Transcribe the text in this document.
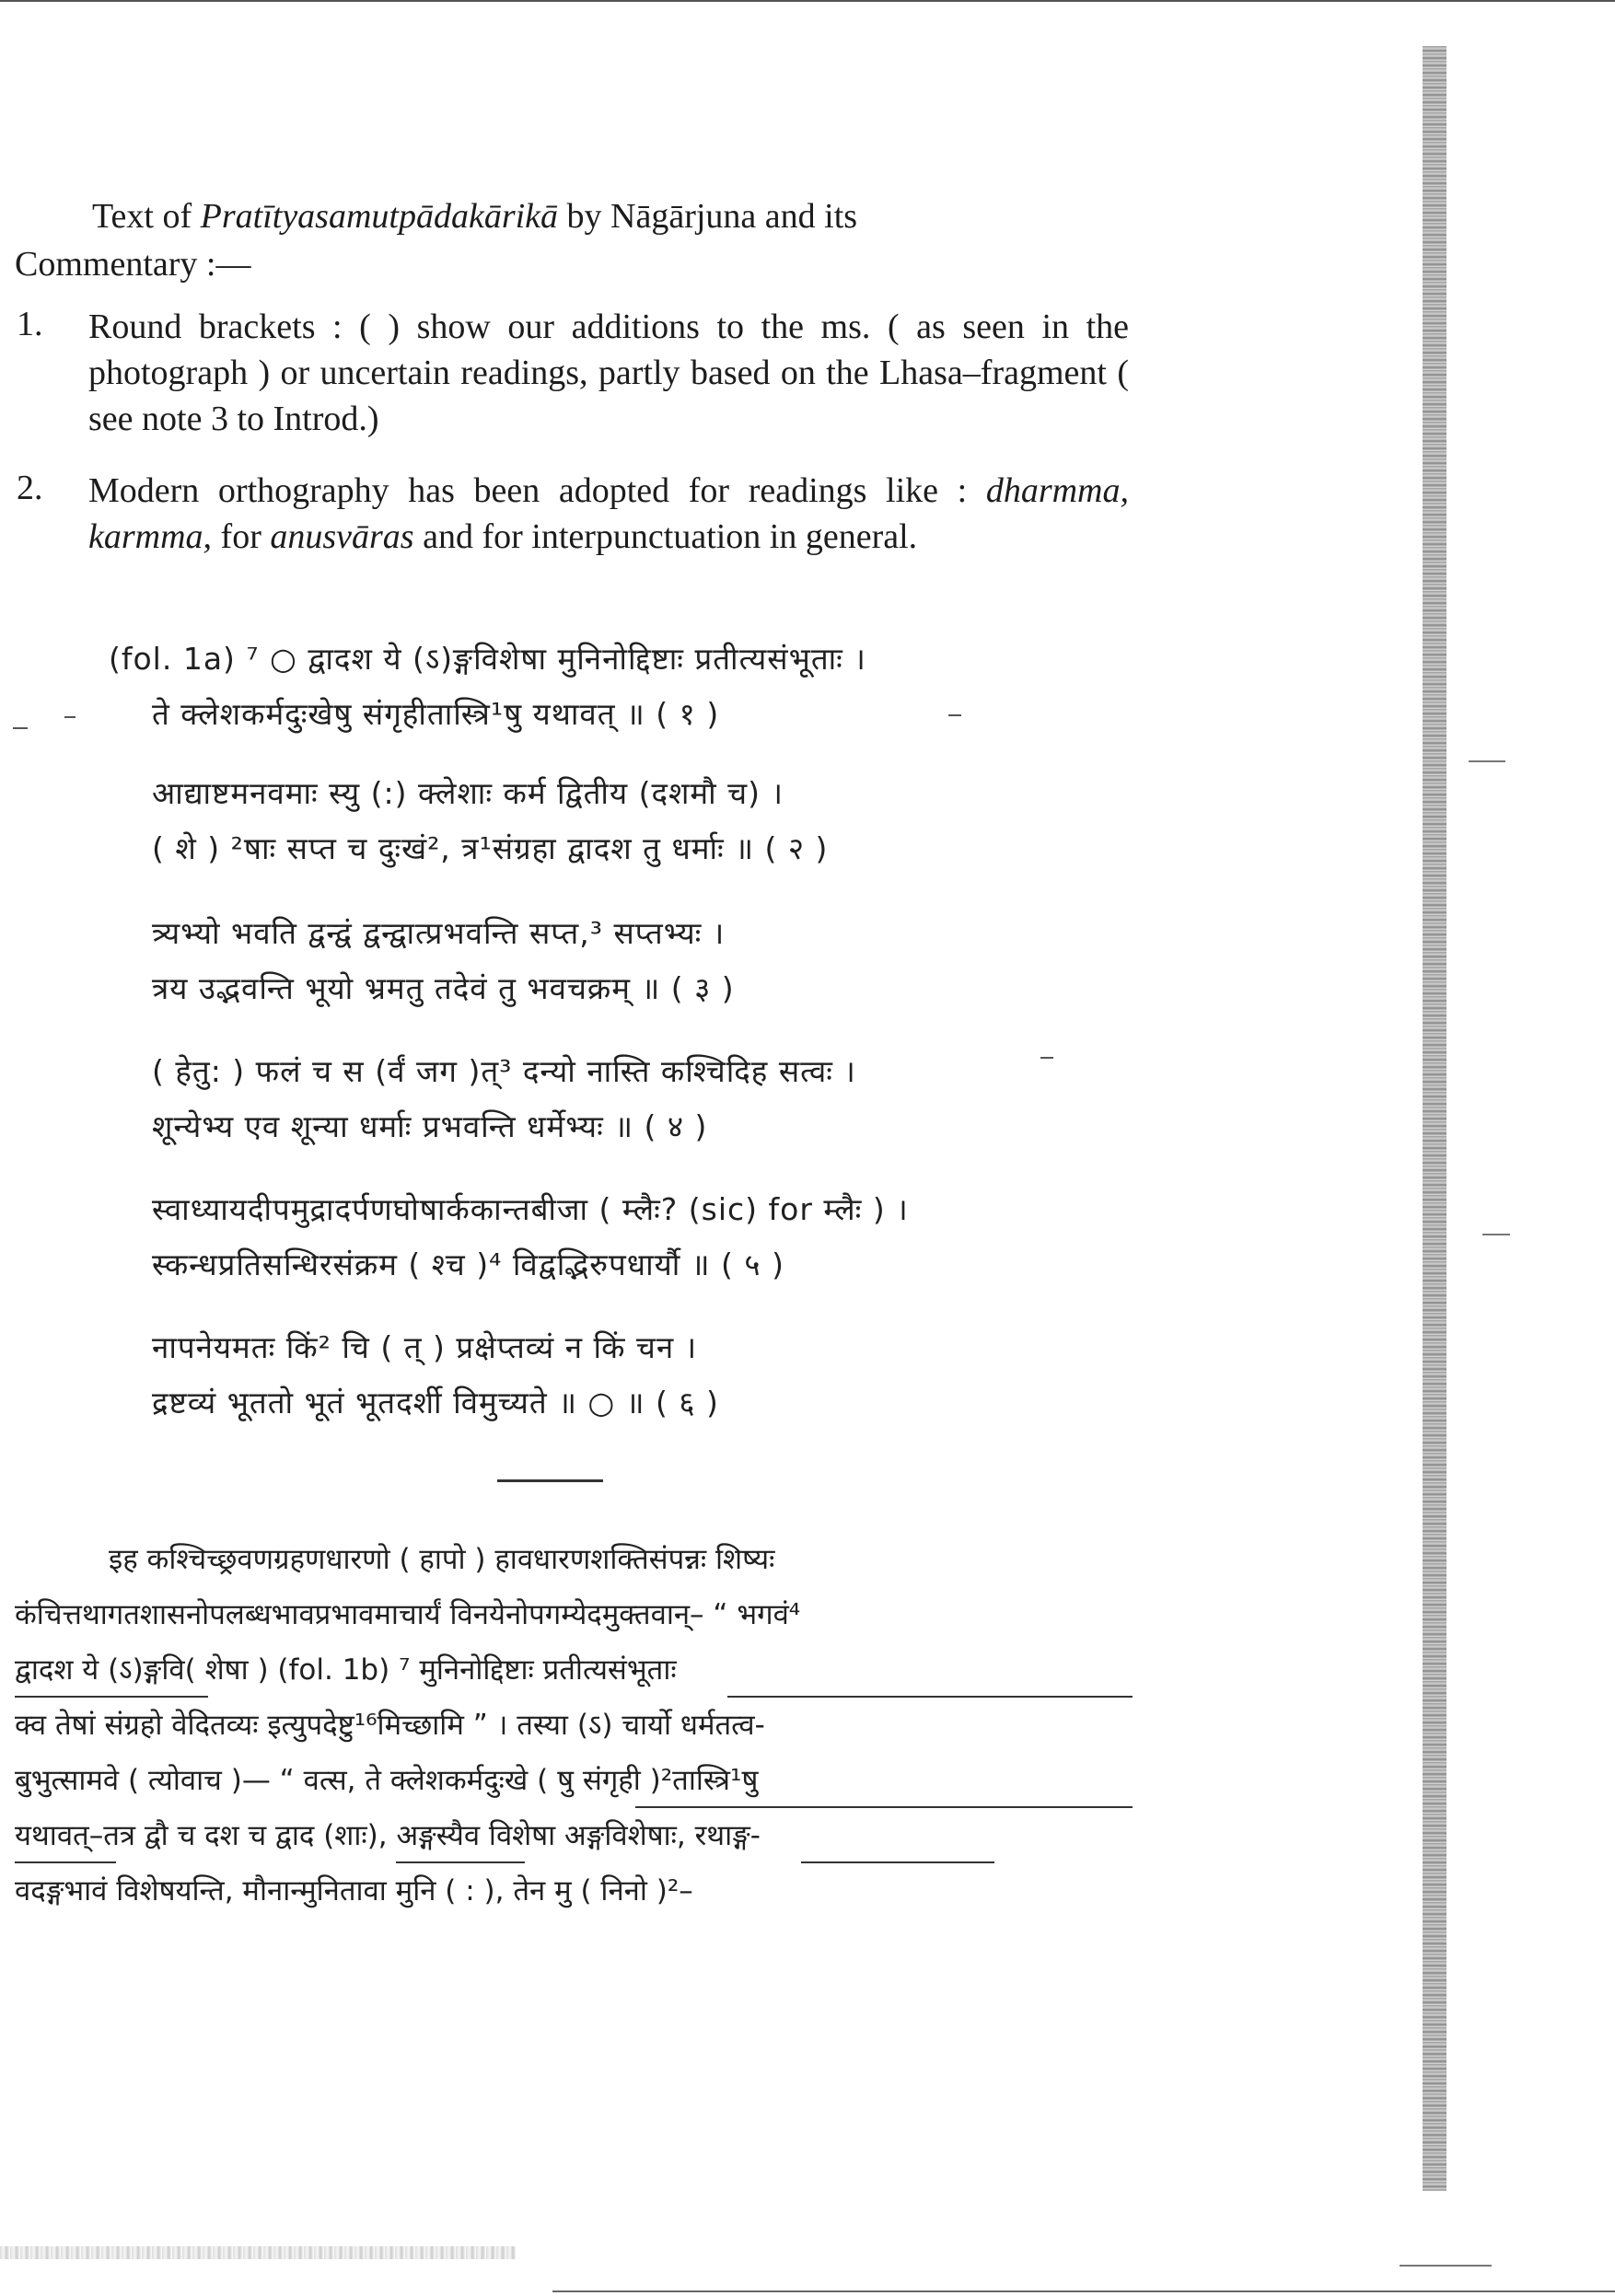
Text of Pratītyasamutpādakārikā by Nāgārjuna and its
Commentary :—
1. Round brackets : ( ) show our additions to the ms. ( as seen in the photograph ) or uncertain readings, partly based on the Lhasa–fragment ( see note 3 to Introd.)
2. Modern orthography has been adopted for readings like : dharmma, karmma, for anusvāras and for interpunctuation in general.
(fol. 1a) ⁷ ○ द्वादश ये (ऽ)ङ्गविशेषा मुनिनोद्दिष्टाः प्रतीत्यसंभूताः ।
ते क्लेशकर्मदुःखेषु संगृहीतास्त्रि¹षु यथावत् ॥ ( १ )
आद्याष्टमनवमाः स्यु (:) क्लेशाः कर्म द्वितीय (दशमौ च) ।
( शे ) ²षाः सप्त च दुःखं², त्र¹संग्रहा द्वादश तु धर्माः ॥ ( २ )
त्र्यभ्यो भवति द्वन्द्वं द्वन्द्वात्प्रभवन्ति सप्त,³ सप्तभ्यः ।
त्रय उद्भवन्ति भूयो भ्रमतु तदेवं तु भवचक्रम् ॥ ( ३ )
( हेतु: ) फलं च स (र्वं जग )त्³ दन्यो नास्ति कश्चिदिह सत्वः ।
शून्येभ्य एव शून्या धर्माः प्रभवन्ति धर्मेभ्यः ॥ ( ४ )
स्वाध्यायदीपमुद्रादर्पणघोषार्ककान्तबीजा ( म्लैः? (sic) for म्लैः ) ।
स्कन्धप्रतिसन्धिरसंक्रम ( श्च )⁴ विद्वद्भिरुपधार्यौ ॥ ( ५ )
नापनेयमतः किं² चि ( त् ) प्रक्षेप्तव्यं न किं चन ।
द्रष्टव्यं भूततो भूतं भूतदर्शी विमुच्यते ॥ ○ ॥ ( ६ )
इह कश्चिच्छ्रवणग्रहणधारणो ( हापो ) हावधारणशक्तिसंपन्नः शिष्यः
कंचित्तथागतशासनोपलब्धभावप्रभावमाचार्यं विनयेनोपगम्येदमुक्तवान्– “ भगवं⁴
द्वादश ये (ऽ)ङ्गवि( शेषा ) (fol. 1b) ⁷ मुनिनोद्दिष्टाः प्रतीत्यसंभूताः
क्व तेषां संग्रहो वेदितव्यः इत्युपदेष्टु¹⁶मिच्छामि ” । तस्या (ऽ) चार्यो धर्मतत्व-
बुभुत्सामवे ( त्योवाच )— “ वत्स, ते क्लेशकर्मदुःखे ( षु संगृही )²तास्त्रि¹षु
यथावत्–तत्र द्वौ च दश च द्वाद (शाः), अङ्गस्यैव विशेषा अङ्गविशेषाः, रथाङ्ग-
वदङ्गभावं विशेषयन्ति, मौनान्मुनितावा मुनि ( : ), तेन मु ( निनो )²–
